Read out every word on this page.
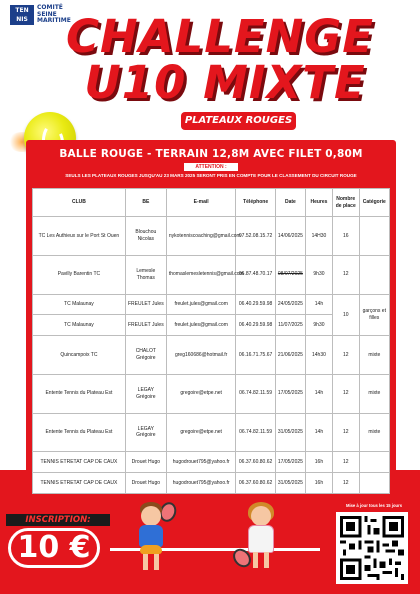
TEN NIS
COMITÉ
SEINE
MARITIME
CHALLENGE
U10 MIXTE
PLATEAUX ROUGES
BALLE ROUGE - TERRAIN 12,8M AVEC FILET 0,80M
ATTENTION :
SEULS LES PLATEAUX ROUGES JUSQU'AU 23 MARS 2025 SERONT PRIS EN COMPTE POUR LE CLASSEMENT DU CIRCUIT ROUGE
CLUB	BE	E-mail	Téléphone	Date	Heures	Nombre de place	Catégorie
TC Les Authieux sur le Port St Ouen	Blouchou Nicolas	nykotenniscoaching@gmail.com	07.52.08.15.72	14/06/2025	14H30	16	
Pavilly Barentin TC	Lemesle Thomas	thomaslemesletennis@gmail.com	06.87.48.70.17	08/07/2025	9h30	12	
TC Malaunay	FREULET Jules	freulet.jules@gmail.com	06.40.29.59.98	24/05/2025	14h	10	garçons et filles
TC Malaunay	FREULET Jules	freulet.jules@gmail.com	06.40.29.59.98	11/07/2025	9h30		
Quincampoix TC	CHALOT Grégoire	greg160686@hotmail.fr	06.16.71.75.67	21/06/2025	14h30	12	mixte
Entente Tennis du Plateau Est	LEGAY Grégoire	gregoire@etpe.net	06.74.82.11.59	17/05/2025	14h	12	mixte
Entente Tennis du Plateau Est	LEGAY Grégoire	gregoire@etpe.net	06.74.82.11.59	31/05/2025	14h	12	mixte
TENNIS ETRETAT CAP DE CAUX	Drouet Hugo	hugodrouet795@yahoo.fr	06.37.60.80.62	17/05/2025	16h	12	
TENNIS ETRETAT CAP DE CAUX	Drouet Hugo	hugodrouet795@yahoo.fr	06.37.60.80.62	31/05/2025	16h	12	
INSCRIPTION:
10 €
Mise à jour tous les 15 jours
